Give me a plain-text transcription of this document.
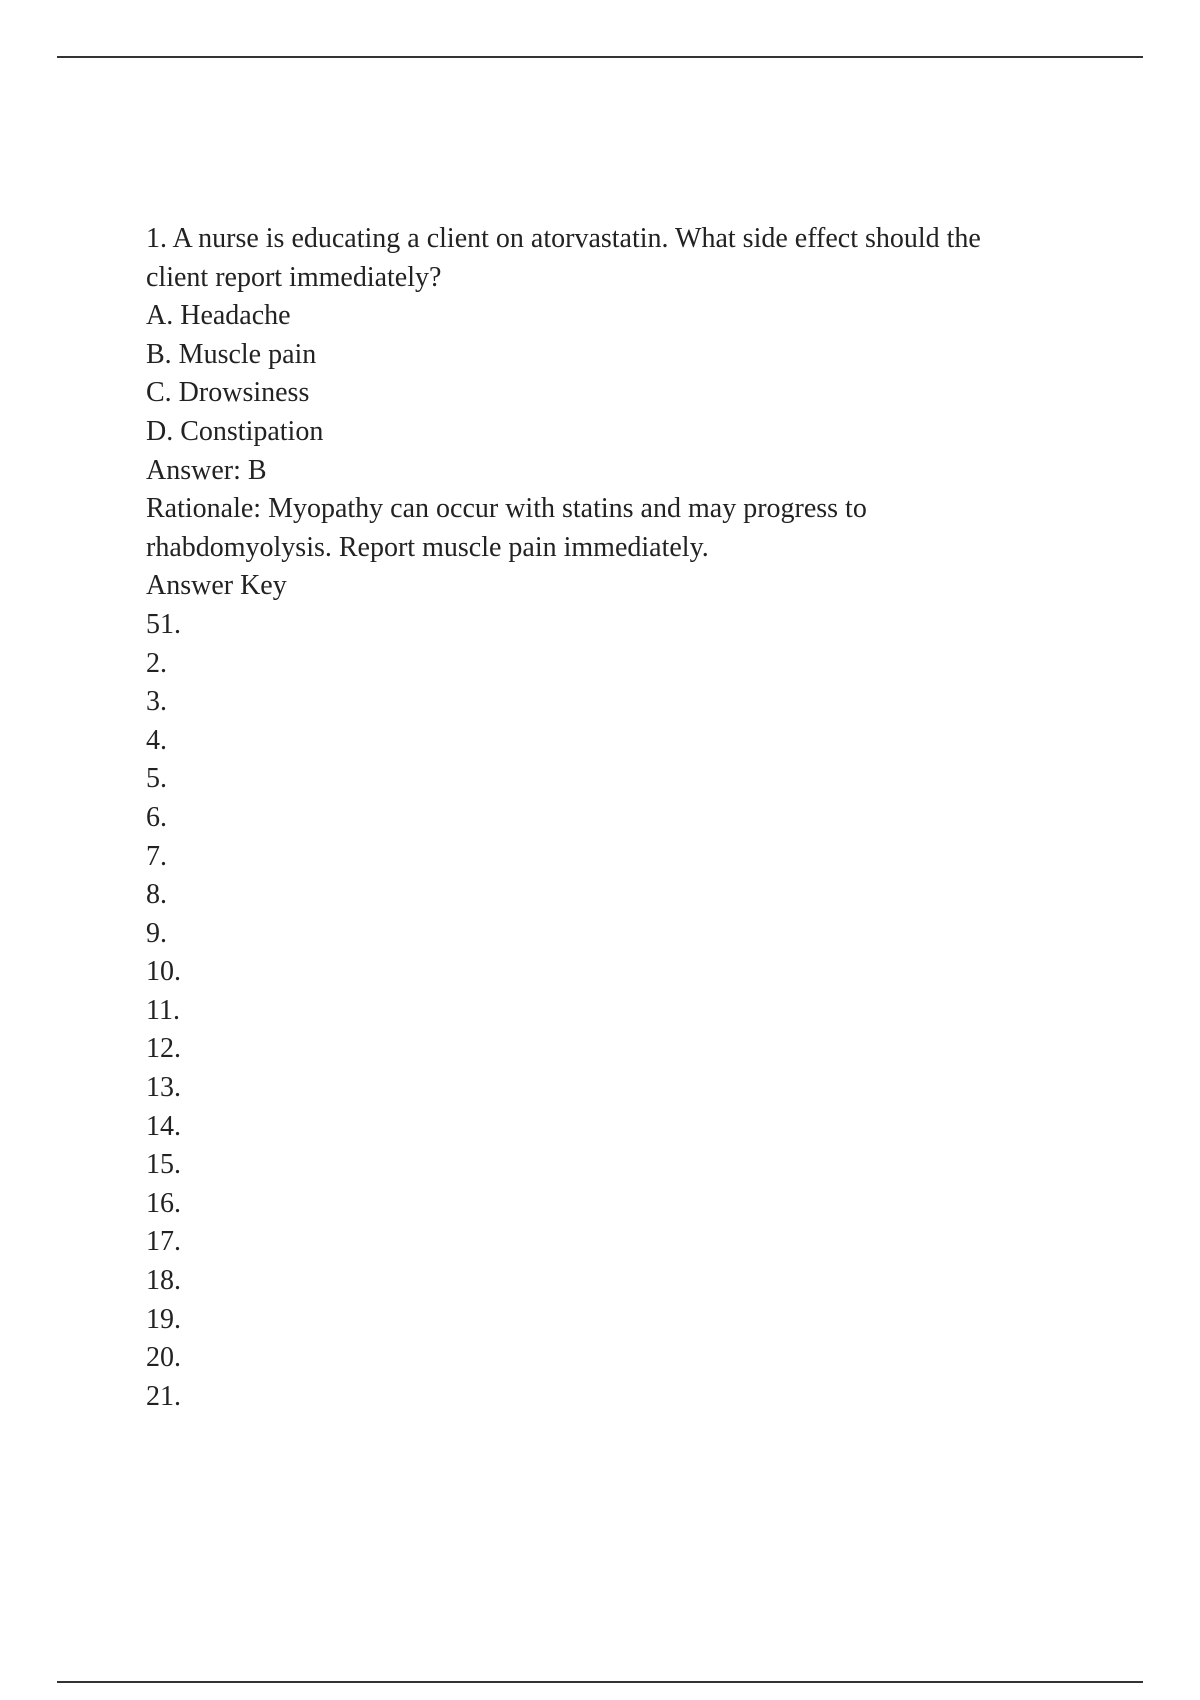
1. A nurse is educating a client on atorvastatin. What side effect should the client report immediately?
A. Headache
B. Muscle pain
C. Drowsiness
D. Constipation
Answer: B
Rationale: Myopathy can occur with statins and may progress to rhabdomyolysis. Report muscle pain immediately.
Answer Key
51.
2.
3.
4.
5.
6.
7.
8.
9.
10.
11.
12.
13.
14.
15.
16.
17.
18.
19.
20.
21.
